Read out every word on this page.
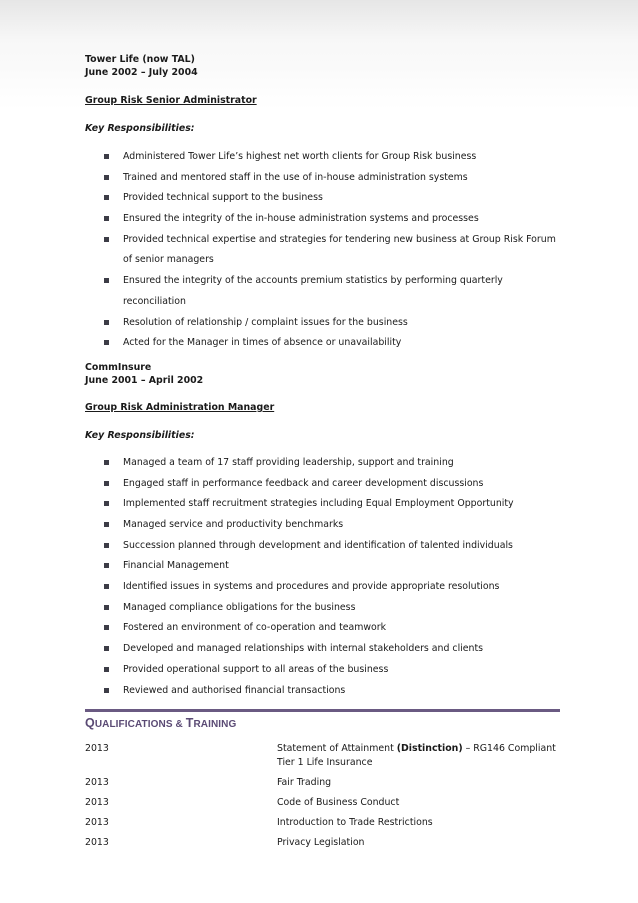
Tower Life (now TAL)
June 2002 – July 2004
Group Risk Senior Administrator
Key Responsibilities:
Administered Tower Life’s highest net worth clients for Group Risk business
Trained and mentored staff in the use of in-house administration systems
Provided technical support to the business
Ensured the integrity of the in-house administration systems and processes
Provided technical expertise and strategies for tendering new business at Group Risk Forum
of senior managers
Ensured the integrity of the accounts premium statistics by performing quarterly
reconciliation
Resolution of relationship / complaint issues for the business
Acted for the Manager in times of absence or unavailability
CommInsure
June 2001 – April 2002
Group Risk Administration Manager
Key Responsibilities:
Managed a team of 17 staff providing leadership, support and training
Engaged staff in performance feedback and career development discussions
Implemented staff recruitment strategies including Equal Employment Opportunity
Managed service and productivity benchmarks
Succession planned through development and identification of talented individuals
Financial Management
Identified issues in systems and procedures and provide appropriate resolutions
Managed compliance obligations for the business
Fostered an environment of co-operation and teamwork
Developed and managed relationships with internal stakeholders and clients
Provided operational support to all areas of the business
Reviewed and authorised financial transactions
QUALIFICATIONS & TRAINING
2013	Statement of Attainment (Distinction) – RG146 Compliant
Tier 1 Life Insurance
2013	Fair Trading
2013	Code of Business Conduct
2013	Introduction to Trade Restrictions
2013	Privacy Legislation
